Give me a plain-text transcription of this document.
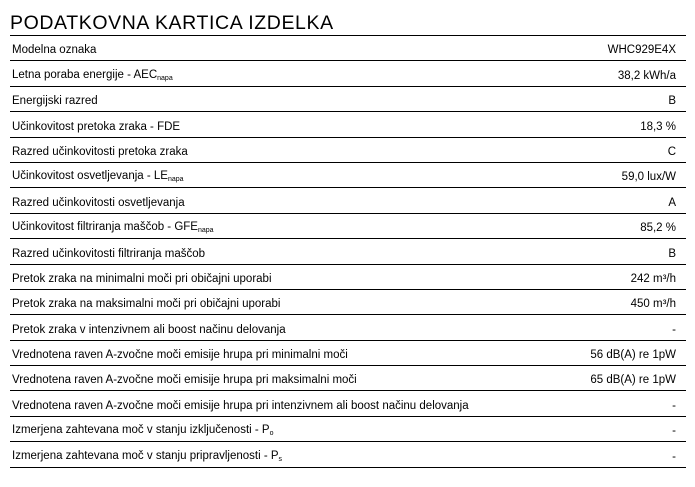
PODATKOVNA KARTICA IZDELKA
Modelna oznaka	WHC929E4X
Letna poraba energije - $AEC_{napa}$	38,2 kWh/a
Energijski razred	B
Učinkovitost pretoka zraka - FDE	18,3 %
Razred učinkovitosti pretoka zraka	C
Učinkovitost osvetljevanja - $LE_{napa}$	59,0 lux/W
Razred učinkovitosti osvetljevanja	A
Učinkovitost filtriranja maščob - $GFE_{napa}$	85,2 %
Razred učinkovitosti filtriranja maščob	B
Pretok zraka na minimalni moči pri običajni uporabi	242 m³/h
Pretok zraka na maksimalni moči pri običajni uporabi	450 m³/h
Pretok zraka v intenzivnem ali boost načinu delovanja	-
Vrednotena raven A-zvočne moči emisije hrupa pri minimalni moči	56 dB(A) re 1pW
Vrednotena raven A-zvočne moči emisije hrupa pri maksimalni moči	65 dB(A) re 1pW
Vrednotena raven A-zvočne moči emisije hrupa pri intenzivnem ali boost načinu delovanja	-
Izmerjena zahtevana moč v stanju izključenosti - $P_o$	-
Izmerjena zahtevana moč v stanju pripravljenosti - $P_s$	-
